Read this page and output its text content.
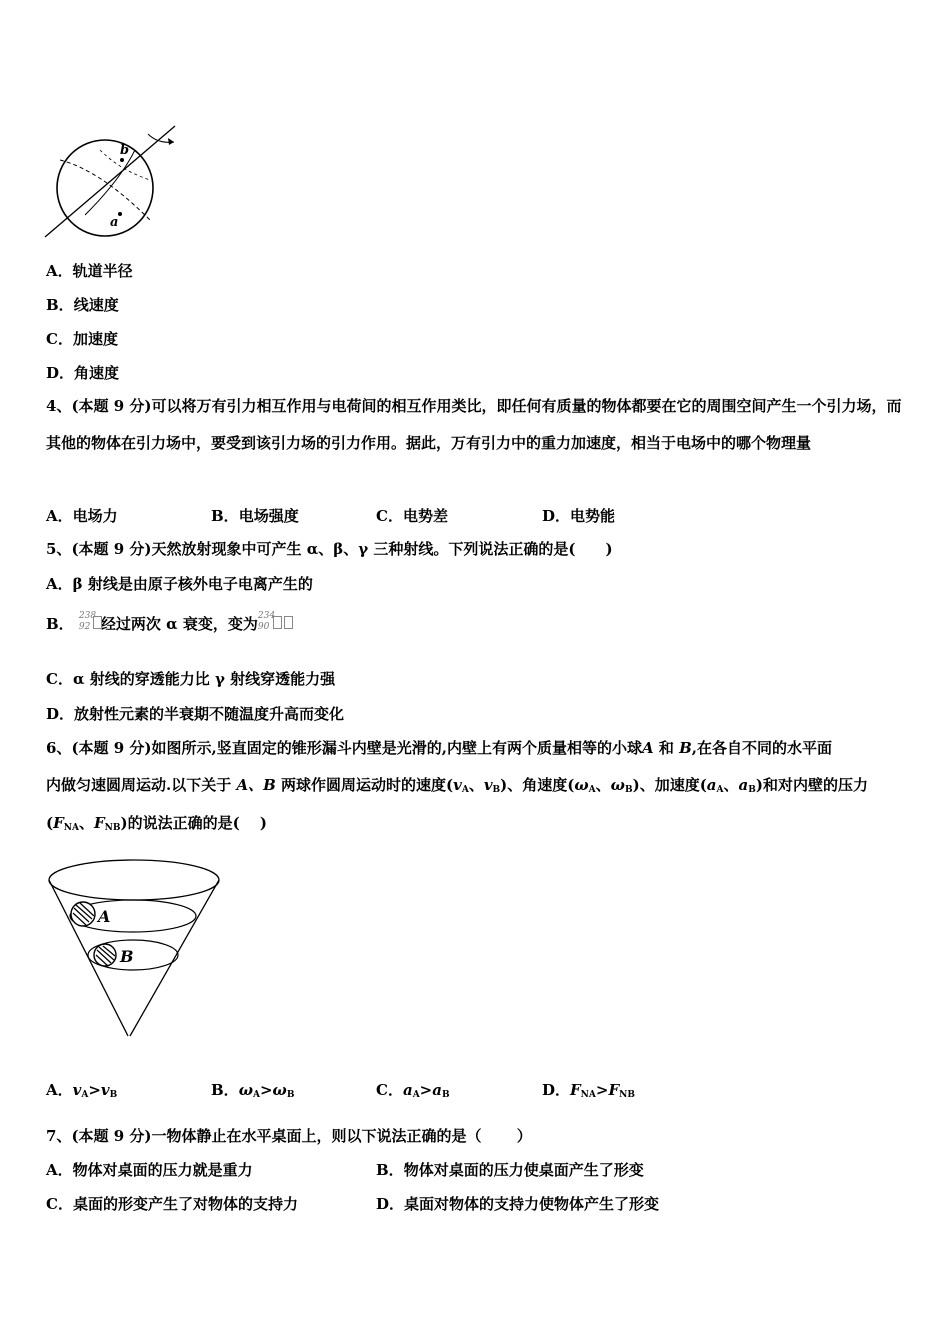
b
a
A．轨道半径
B．线速度
C．加速度
D．角速度
4、(本题 9 分)可以将万有引力相互作用与电荷间的相互作用类比，即任何有质量的物体都要在它的周围空间产生一个引力场，而其他的物体在引力场中，要受到该引力场的引力作用。据此，万有引力中的重力加速度，相当于电场中的哪个物理量
A．电场力	B．电场强度	C．电势差	D．电势能
5、(本题 9 分)天然放射现象中可产生 α、β、γ 三种射线。下列说法正确的是(　　)
A．β 射线是由原子核外电子电离产生的
B． 238
92 经过两次 α 衰变，变为 234
90
C．α 射线的穿透能力比 γ 射线穿透能力强
D．放射性元素的半衰期不随温度升高而变化
6、(本题 9 分)如图所示,竖直固定的锥形漏斗内壁是光滑的,内壁上有两个质量相等的小球A 和 B,在各自不同的水平面
内做匀速圆周运动.以下关于 A、B 两球作圆周运动时的速度($v_A$、$v_B$)、角速度($\omega_A$、$\omega_B$)、加速度($a_A$、$a_B$)和对内壁的压力
($F_{NA}$、$F_{NB}$)的说法正确的是(　 )
A
B
A．$v_A>v_B$	B．$\omega_A>\omega_B$	C．$a_A>a_B$	D．$F_{NA}>F_{NB}$
7、(本题 9 分)一物体静止在水平桌面上，则以下说法正确的是（　　 ）
A．物体对桌面的压力就是重力	B．物体对桌面的压力使桌面产生了形变
C．桌面的形变产生了对物体的支持力	D．桌面对物体的支持力使物体产生了形变
